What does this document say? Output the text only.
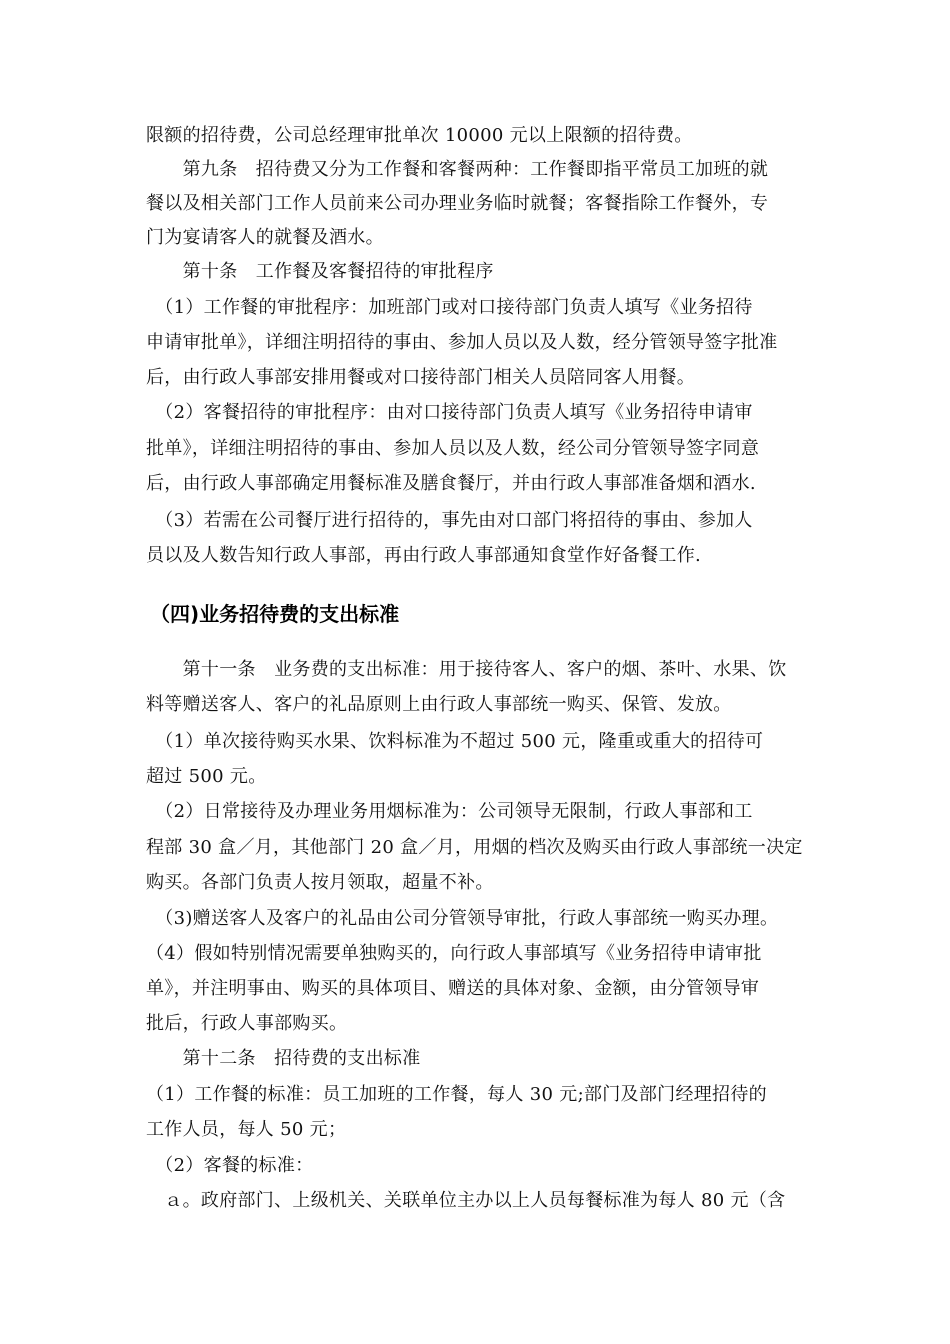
限额的招待费，公司总经理审批单次 10000 元以上限额的招待费。
　　第九条　招待费又分为工作餐和客餐两种：工作餐即指平常员工加班的就
餐以及相关部门工作人员前来公司办理业务临时就餐；客餐指除工作餐外，专
门为宴请客人的就餐及酒水。
　　第十条　工作餐及客餐招待的审批程序
　（1）工作餐的审批程序：加班部门或对口接待部门负责人填写《业务招待
申请审批单》，详细注明招待的事由、参加人员以及人数，经分管领导签字批准
后，由行政人事部安排用餐或对口接待部门相关人员陪同客人用餐。
　（2）客餐招待的审批程序：由对口接待部门负责人填写《业务招待申请审
批单》，详细注明招待的事由、参加人员以及人数，经公司分管领导签字同意
后，由行政人事部确定用餐标准及膳食餐厅，并由行政人事部准备烟和酒水.
　（3）若需在公司餐厅进行招待的，事先由对口部门将招待的事由、参加人
员以及人数告知行政人事部，再由行政人事部通知食堂作好备餐工作.
（四)业务招待费的支出标准
　　第十一条　业务费的支出标准：用于接待客人、客户的烟、茶叶、水果、饮
料等赠送客人、客户的礼品原则上由行政人事部统一购买、保管、发放。
　（1）单次接待购买水果、饮料标准为不超过 500 元，隆重或重大的招待可
超过 500 元。
　（2）日常接待及办理业务用烟标准为：公司领导无限制，行政人事部和工
程部 30 盒／月，其他部门 20 盒／月，用烟的档次及购买由行政人事部统一决定
购买。各部门负责人按月领取，超量不补。
　（3)赠送客人及客户的礼品由公司分管领导审批，行政人事部统一购买办理。
（4）假如特别情况需要单独购买的，向行政人事部填写《业务招待申请审批
单》，并注明事由、购买的具体项目、赠送的具体对象、金额，由分管领导审
批后，行政人事部购买。
　　第十二条　招待费的支出标准
（1）工作餐的标准：员工加班的工作餐，每人 30 元;部门及部门经理招待的
工作人员，每人 50 元；
　（2）客餐的标准：
　ａ。政府部门、上级机关、关联单位主办以上人员每餐标准为每人 80 元（含
